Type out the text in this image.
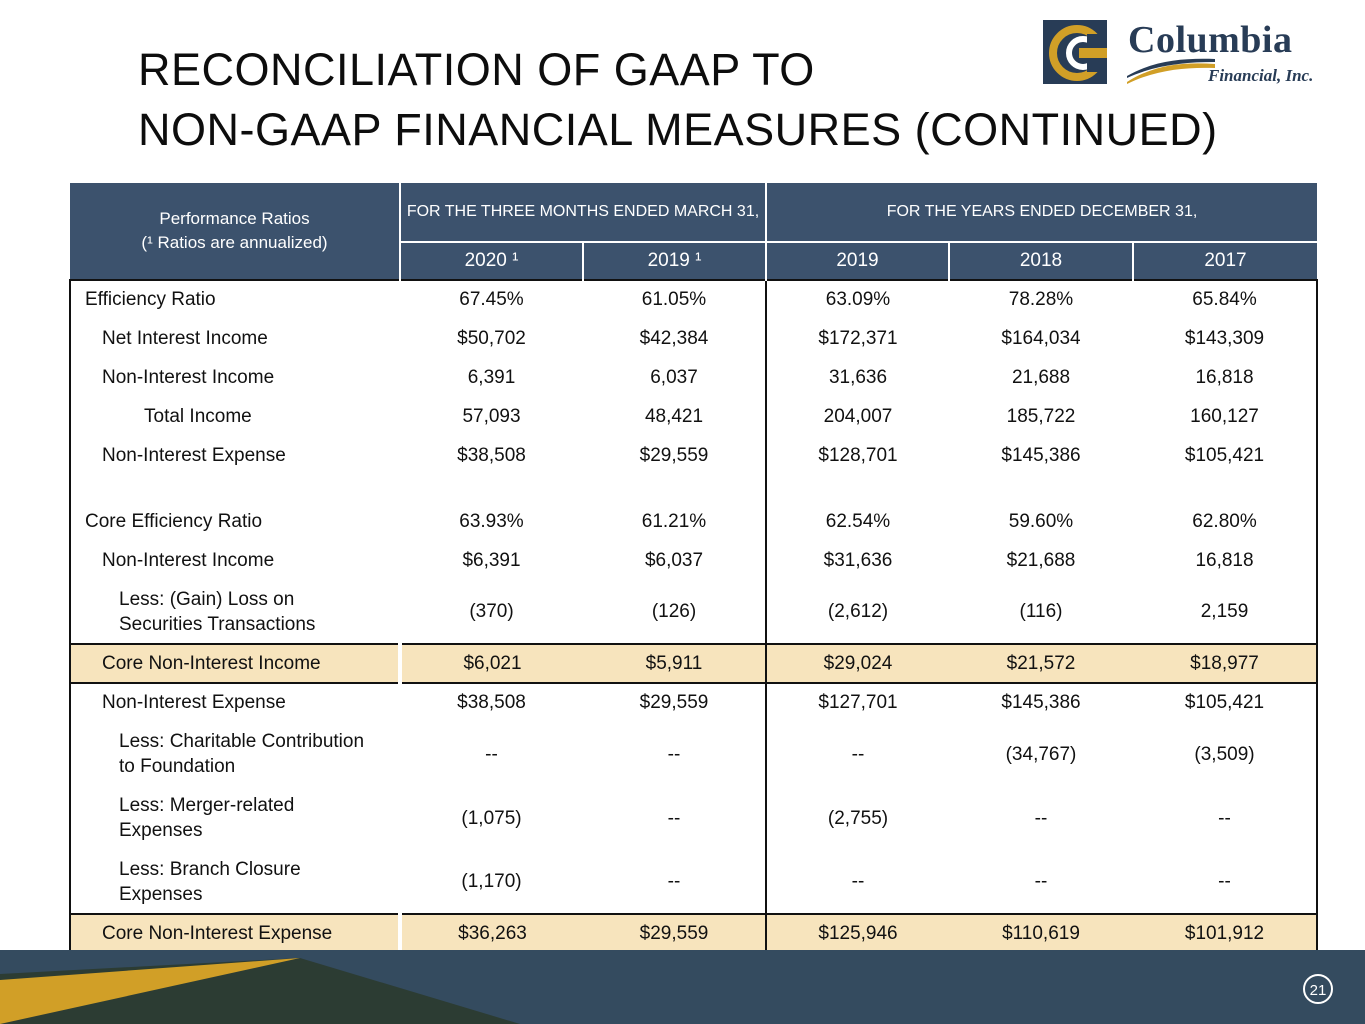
RECONCILIATION OF GAAP TO
NON-GAAP FINANCIAL MEASURES (CONTINUED)
Columbia
Financial, Inc.
Performance Ratios
(¹ Ratios are annualized)	FOR THE THREE MONTHS ENDED MARCH 31,		FOR THE YEARS ENDED DECEMBER 31,		
	2020 ¹	2019 ¹	2019	2018	2017
Efficiency Ratio	67.45%	61.05%	63.09%	78.28%	65.84%
Net Interest Income	$50,702	$42,384	$172,371	$164,034	$143,309
Non-Interest Income	6,391	6,037	31,636	21,688	16,818
Total Income	57,093	48,421	204,007	185,722	160,127
Non-Interest Expense	$38,508	$29,559	$128,701	$145,386	$105,421

Core Efficiency Ratio	63.93%	61.21%	62.54%	59.60%	62.80%
Non-Interest Income	$6,391	$6,037	$31,636	$21,688	16,818
Less: (Gain) Loss on
Securities Transactions	(370)	(126)	(2,612)	(116)	2,159
Core Non-Interest Income	$6,021	$5,911	$29,024	$21,572	$18,977
Non-Interest Expense	$38,508	$29,559	$127,701	$145,386	$105,421
Less: Charitable Contribution
to Foundation	--	--	--	(34,767)	(3,509)
Less: Merger-related
Expenses	(1,075)	--	(2,755)	--	--
Less: Branch Closure
Expenses	(1,170)	--	--	--	--
Core Non-Interest Expense	$36,263	$29,559	$125,946	$110,619	$101,912
21
